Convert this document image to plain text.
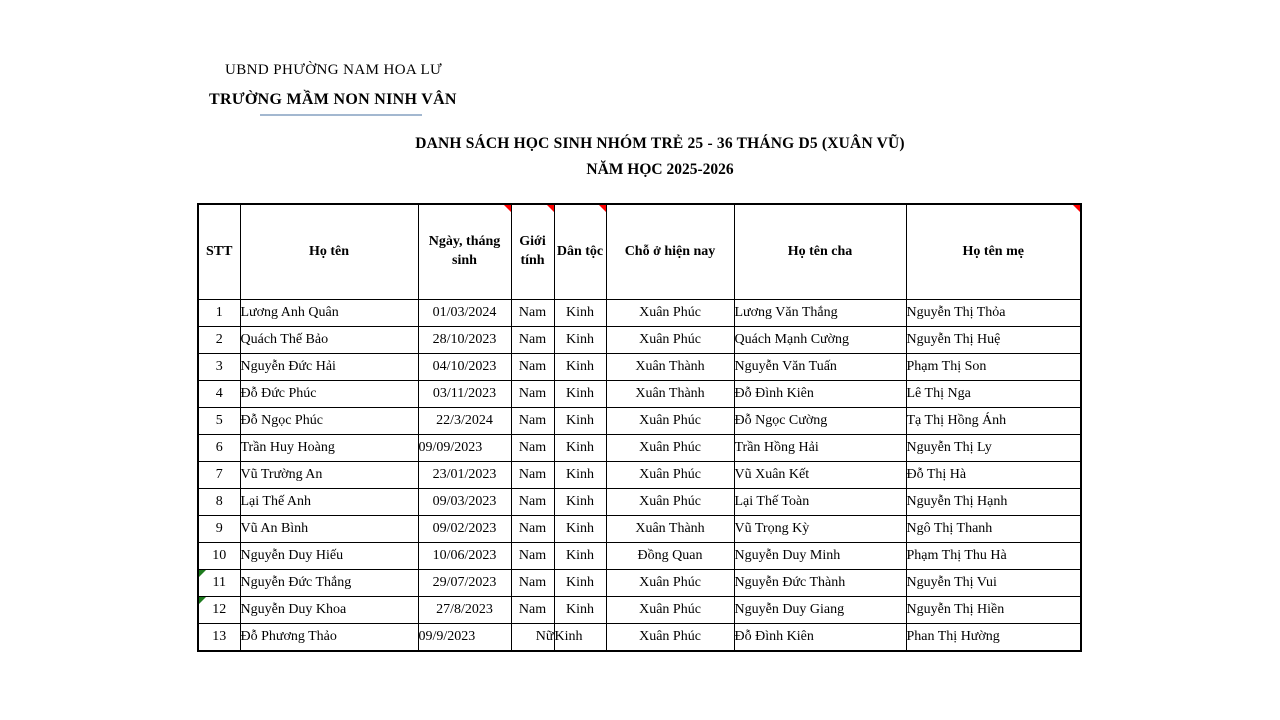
UBND PHƯỜNG NAM HOA LƯ
TRƯỜNG MẦM NON NINH VÂN
DANH SÁCH HỌC SINH NHÓM TRẺ 25 - 36 THÁNG D5 (XUÂN VŨ)
NĂM HỌC 2025-2026
STT	Họ tên	Ngày, tháng sinh	Giới tính	Dân tộc	Chỗ ở hiện nay	Họ tên cha	Họ tên mẹ
1	Lương Anh Quân	01/03/2024	Nam	Kinh	Xuân Phúc	Lương Văn Thắng	Nguyễn Thị Thỏa
2	Quách Thế Bảo	28/10/2023	Nam	Kinh	Xuân Phúc	Quách Mạnh Cường	Nguyễn Thị Huệ
3	Nguyễn Đức Hải	04/10/2023	Nam	Kinh	Xuân Thành	Nguyễn Văn Tuấn	Phạm Thị Son
4	Đỗ Đức Phúc	03/11/2023	Nam	Kinh	Xuân Thành	Đỗ Đình Kiên	Lê Thị Nga
5	Đỗ Ngọc Phúc	22/3/2024	Nam	Kinh	Xuân Phúc	Đỗ Ngọc Cường	Tạ Thị Hồng Ánh
6	Trần Huy Hoàng	09/09/2023	Nam	Kinh	Xuân Phúc	Trần Hồng Hải	Nguyễn Thị Ly
7	Vũ Trường An	23/01/2023	Nam	Kinh	Xuân Phúc	Vũ Xuân Kết	Đỗ Thị Hà
8	Lại Thế Anh	09/03/2023	Nam	Kinh	Xuân Phúc	Lại Thế Toàn	Nguyễn Thị Hạnh
9	Vũ An Bình	09/02/2023	Nam	Kinh	Xuân Thành	Vũ Trọng Kỳ	Ngô Thị Thanh
10	Nguyễn Duy Hiếu	10/06/2023	Nam	Kinh	Đồng Quan	Nguyễn Duy Minh	Phạm Thị Thu Hà
11	Nguyễn Đức Thắng	29/07/2023	Nam	Kinh	Xuân Phúc	Nguyễn Đức Thành	Nguyễn Thị Vui
12	Nguyễn Duy Khoa	27/8/2023	Nam	Kinh	Xuân Phúc	Nguyễn Duy Giang	Nguyễn Thị Hiền
13	Đỗ Phương Thảo	09/9/2023	Nữ	Kinh	Xuân Phúc	Đỗ Đình Kiên	Phan Thị Hường
